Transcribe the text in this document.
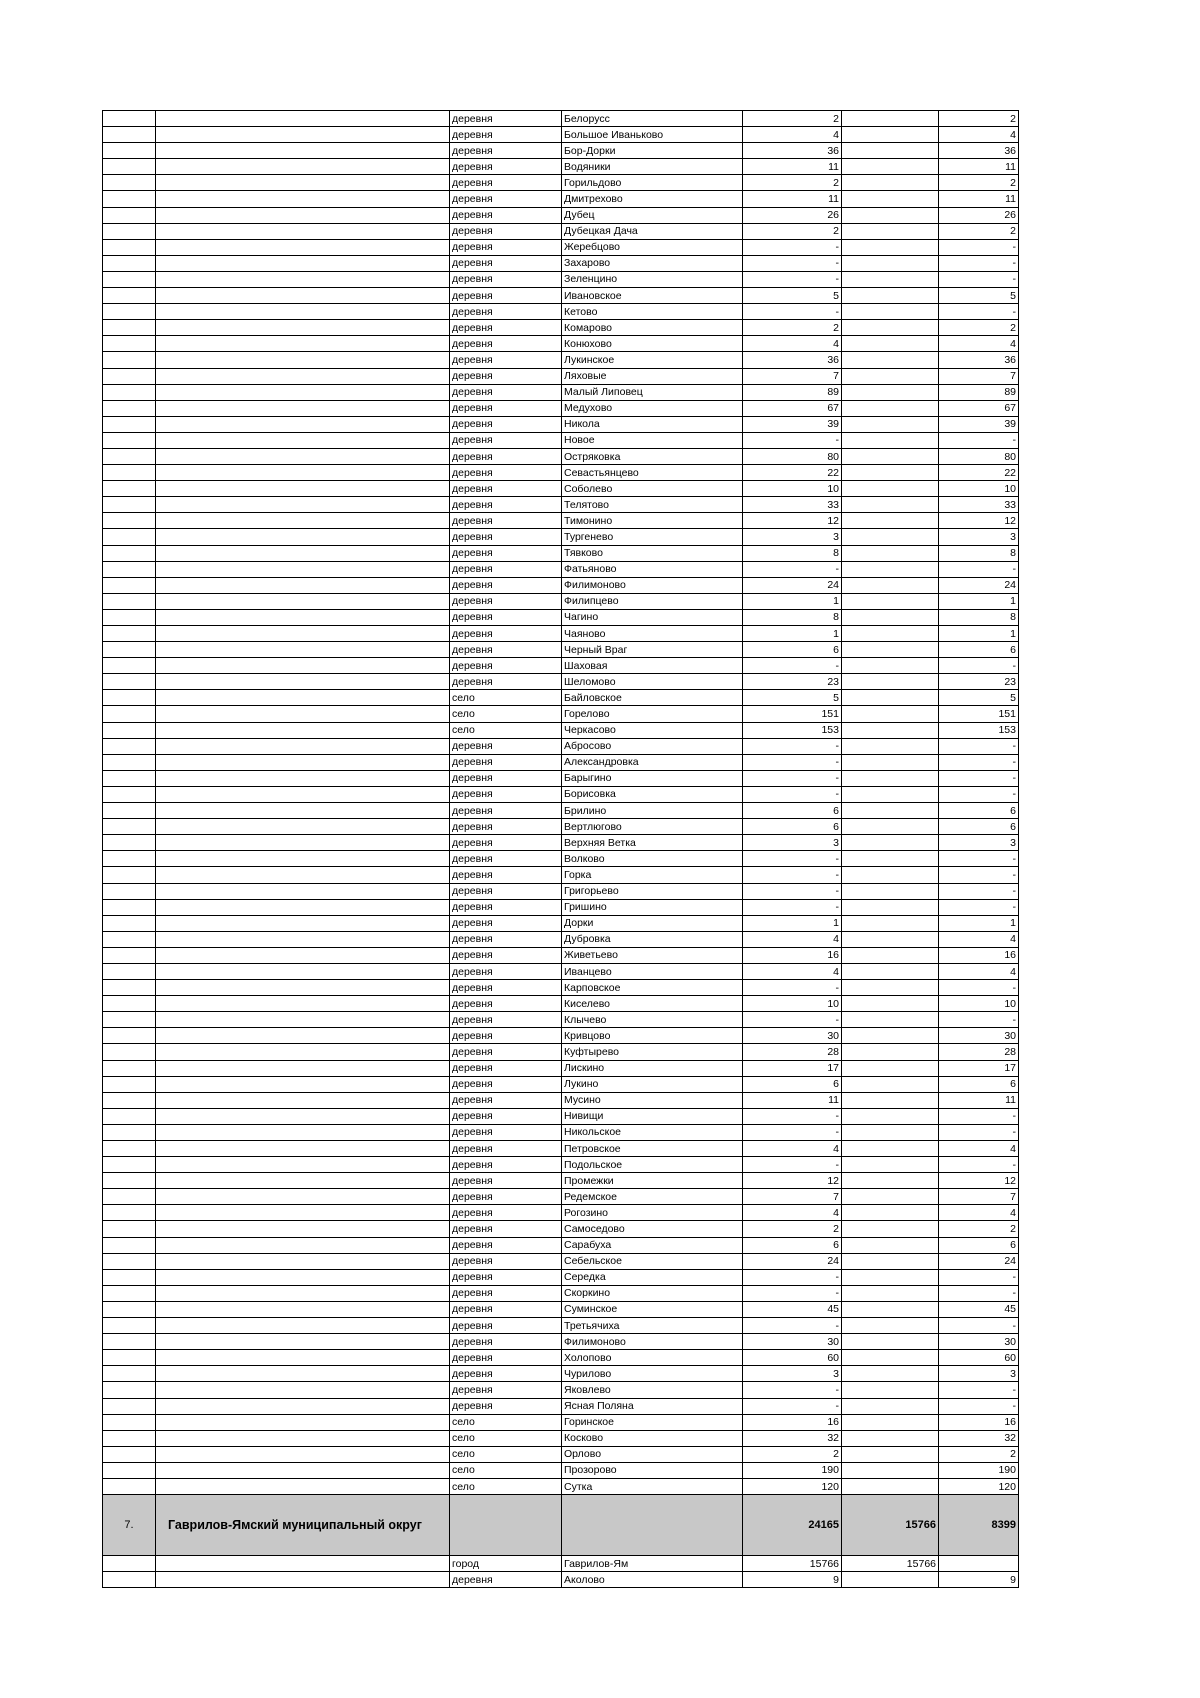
		деревня	Белорусс	2		2
		деревня	Большое Иваньково	4		4
		деревня	Бор-Дорки	36		36
		деревня	Водяники	11		11
		деревня	Горильдово	2		2
		деревня	Дмитрехово	11		11
		деревня	Дубец	26		26
		деревня	Дубецкая Дача	2		2
		деревня	Жеребцово	-		-
		деревня	Захарово	-		-
		деревня	Зеленцино	-		-
		деревня	Ивановское	5		5
		деревня	Кетово	-		-
		деревня	Комарово	2		2
		деревня	Конюхово	4		4
		деревня	Лукинское	36		36
		деревня	Ляховые	7		7
		деревня	Малый Липовец	89		89
		деревня	Медухово	67		67
		деревня	Никола	39		39
		деревня	Новое	-		-
		деревня	Остряковка	80		80
		деревня	Севастьянцево	22		22
		деревня	Соболево	10		10
		деревня	Телятово	33		33
		деревня	Тимонино	12		12
		деревня	Тургенево	3		3
		деревня	Тявково	8		8
		деревня	Фатьяново	-		-
		деревня	Филимоново	24		24
		деревня	Филипцево	1		1
		деревня	Чагино	8		8
		деревня	Чаяново	1		1
		деревня	Черный Враг	6		6
		деревня	Шаховая	-		-
		деревня	Шеломово	23		23
		село	Байловское	5		5
		село	Горелово	151		151
		село	Черкасово	153		153
		деревня	Абросово	-		-
		деревня	Александровка	-		-
		деревня	Барыгино	-		-
		деревня	Борисовка	-		-
		деревня	Брилино	6		6
		деревня	Вертлюгово	6		6
		деревня	Верхняя Ветка	3		3
		деревня	Волково	-		-
		деревня	Горка	-		-
		деревня	Григорьево	-		-
		деревня	Гришино	-		-
		деревня	Дорки	1		1
		деревня	Дубровка	4		4
		деревня	Живетьево	16		16
		деревня	Иванцево	4		4
		деревня	Карповское	-		-
		деревня	Киселево	10		10
		деревня	Клычево	-		-
		деревня	Кривцово	30		30
		деревня	Куфтырево	28		28
		деревня	Лискино	17		17
		деревня	Лукино	6		6
		деревня	Мусино	11		11
		деревня	Нивищи	-		-
		деревня	Никольское	-		-
		деревня	Петровское	4		4
		деревня	Подольское	-		-
		деревня	Промежки	12		12
		деревня	Редемское	7		7
		деревня	Рогозино	4		4
		деревня	Самоседово	2		2
		деревня	Сарабуха	6		6
		деревня	Себельское	24		24
		деревня	Середка	-		-
		деревня	Скоркино	-		-
		деревня	Суминское	45		45
		деревня	Третьячиха	-		-
		деревня	Филимоново	30		30
		деревня	Холопово	60		60
		деревня	Чурилово	3		3
		деревня	Яковлево	-		-
		деревня	Ясная Поляна	-		-
		село	Горинское	16		16
		село	Косково	32		32
		село	Орлово	2		2
		село	Прозорово	190		190
		село	Сутка	120		120
7.	Гаврилов-Ямский муниципальный округ			24165	15766	8399
		город	Гаврилов-Ям	15766	15766	
		деревня	Аколово	9		9
